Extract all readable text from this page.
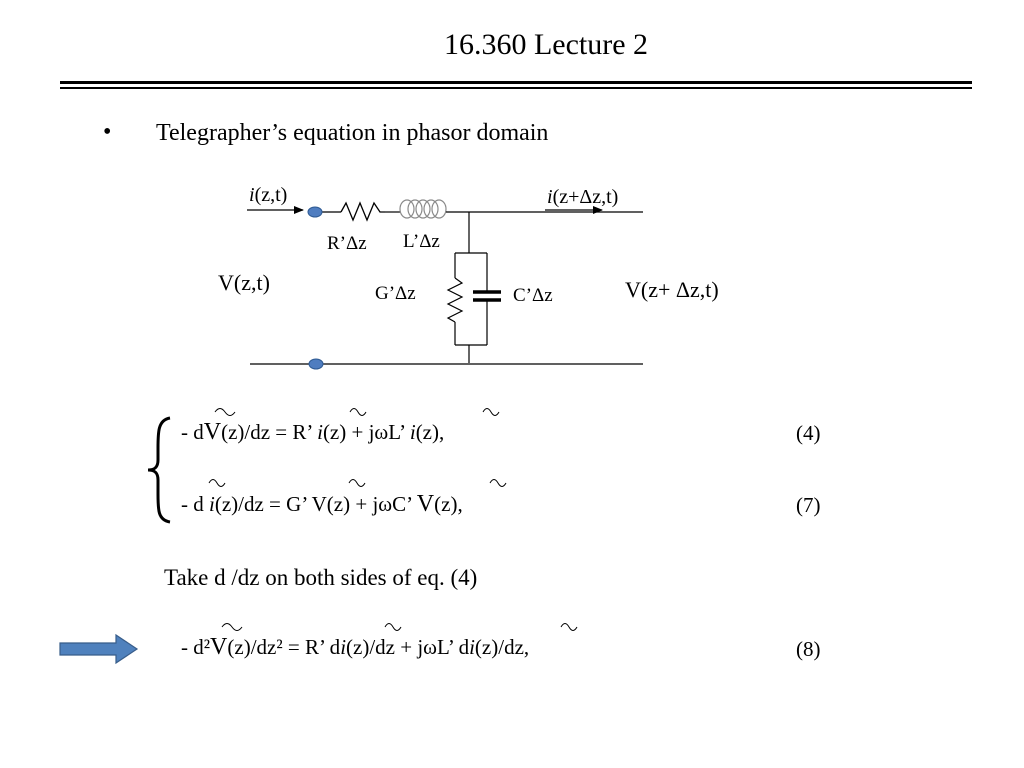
16.360 Lecture 2
• Telegrapher’s equation in phasor domain
i(z,t)	i(z+Δz,t)
R’Δz L’Δz
G’Δz	C’Δz
V(z,t)	V(z+ Δz,t)
- dV(z)/dz = R’ i(z) + jωL’ i(z),	(4)
- d i(z)/dz = G’ V(z) + jωC’ V(z),	(7)
Take d /dz on both sides of eq. (4)
- d²V(z)/dz² = R’ di(z)/dz + jωL’ di(z)/dz,	(8)
